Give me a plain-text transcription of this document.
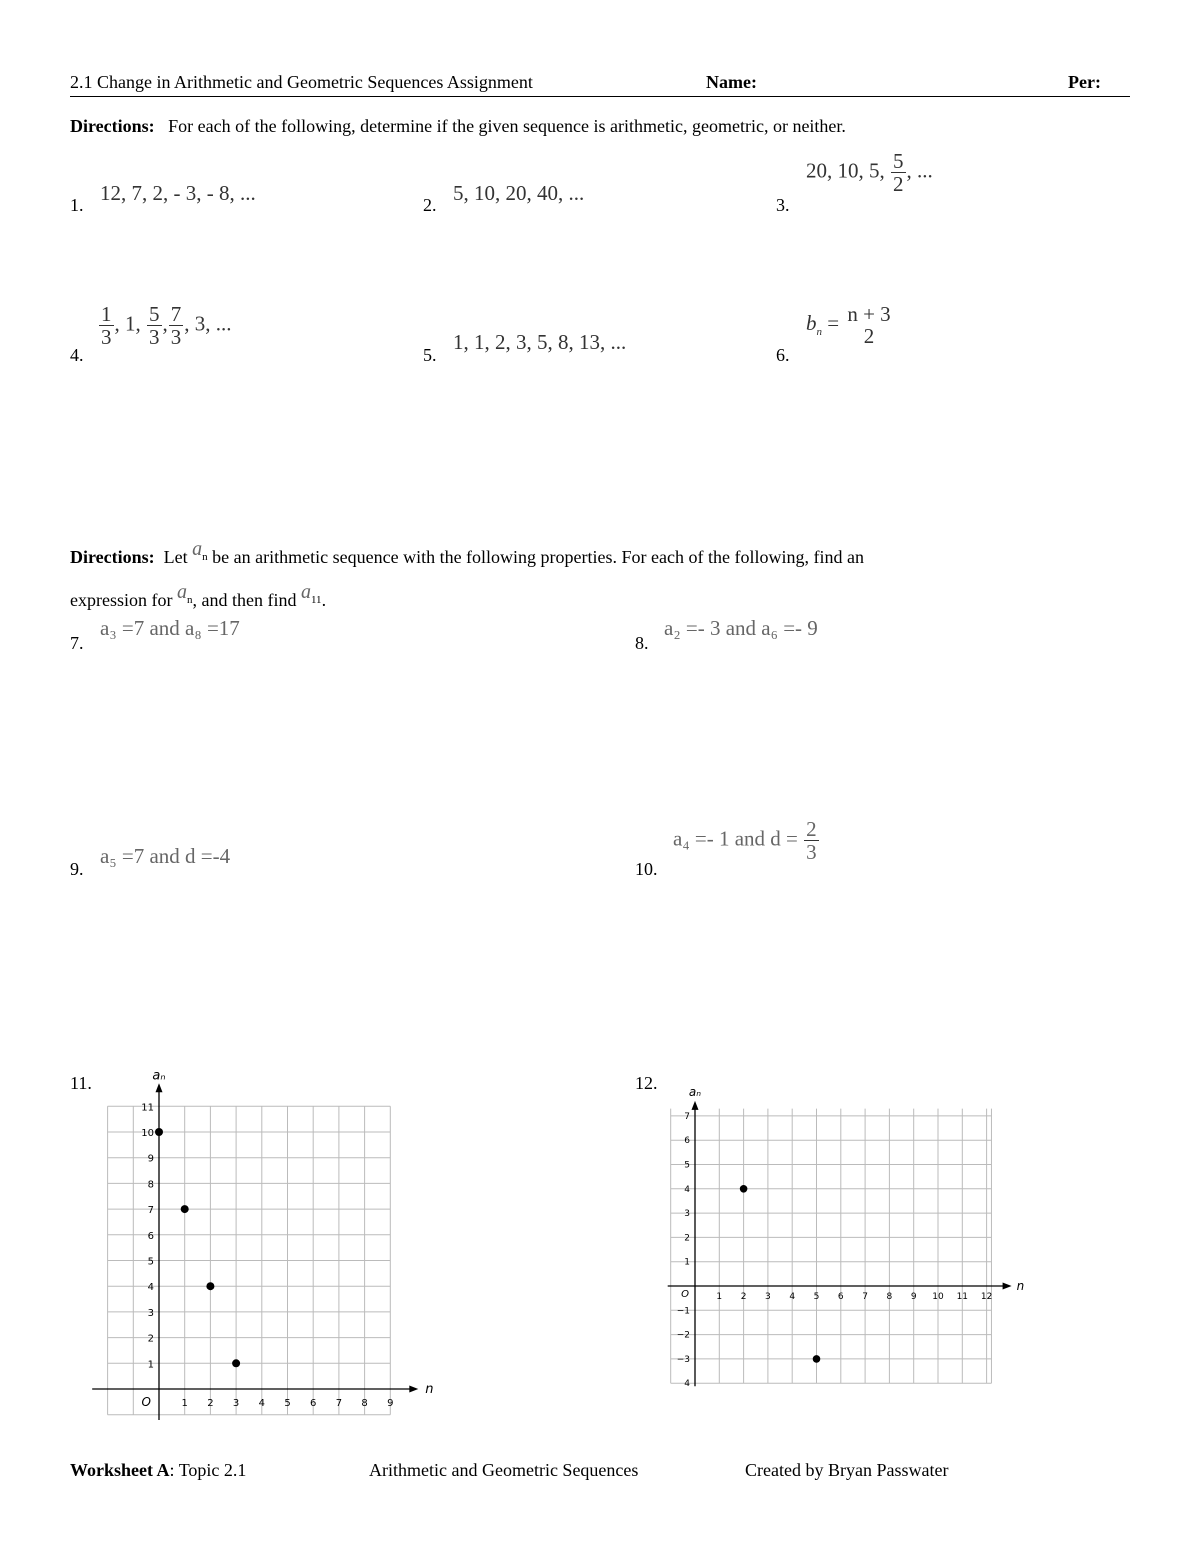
2.1 Change in Arithmetic and Geometric Sequences Assignment	Name:	Per:
Directions: For each of the following, determine if the given sequence is arithmetic, geometric, or neither.
1. 12, 7, 2, - 3, - 8, ...	2. 5, 10, 20, 40, ...	3.
20, 10, 5, $\frac{5}{2}$ , ...
4.
$\frac{1}{3}$ , 1, $\frac{5}{3}$ , $\frac{7}{3}$ , 3, ...
5.
1, 1, 2, 3, 5, 8, 13, ...
6.
$b_n = n + 3$
2
Directions: Let $a_n$ be an arithmetic sequence with the following properties. For each of the following, find an
expression for $a_n$, and then find $a_{11}$.
7.
a₃ =7 and a₈ =17
8.
a₂ =- 3 and a₆ =- 9
9.
a₅ =7 and d =-4
10.
a₄ =- 1 and $d = \frac{2}{3}$
11.	12.
1 2 3 4 5 6 7 8 9
1
2
3
4
5
6
7
8
9
10
11
O
n
aₙ
1 2 3 4 5 6 7 8 9 10 11 12
1
2
3
4
5
6
7
−1
−2
−3
4
O
n
aₙ
Worksheet A: Topic 2.1	Arithmetic and Geometric Sequences	Created by Bryan Passwater
